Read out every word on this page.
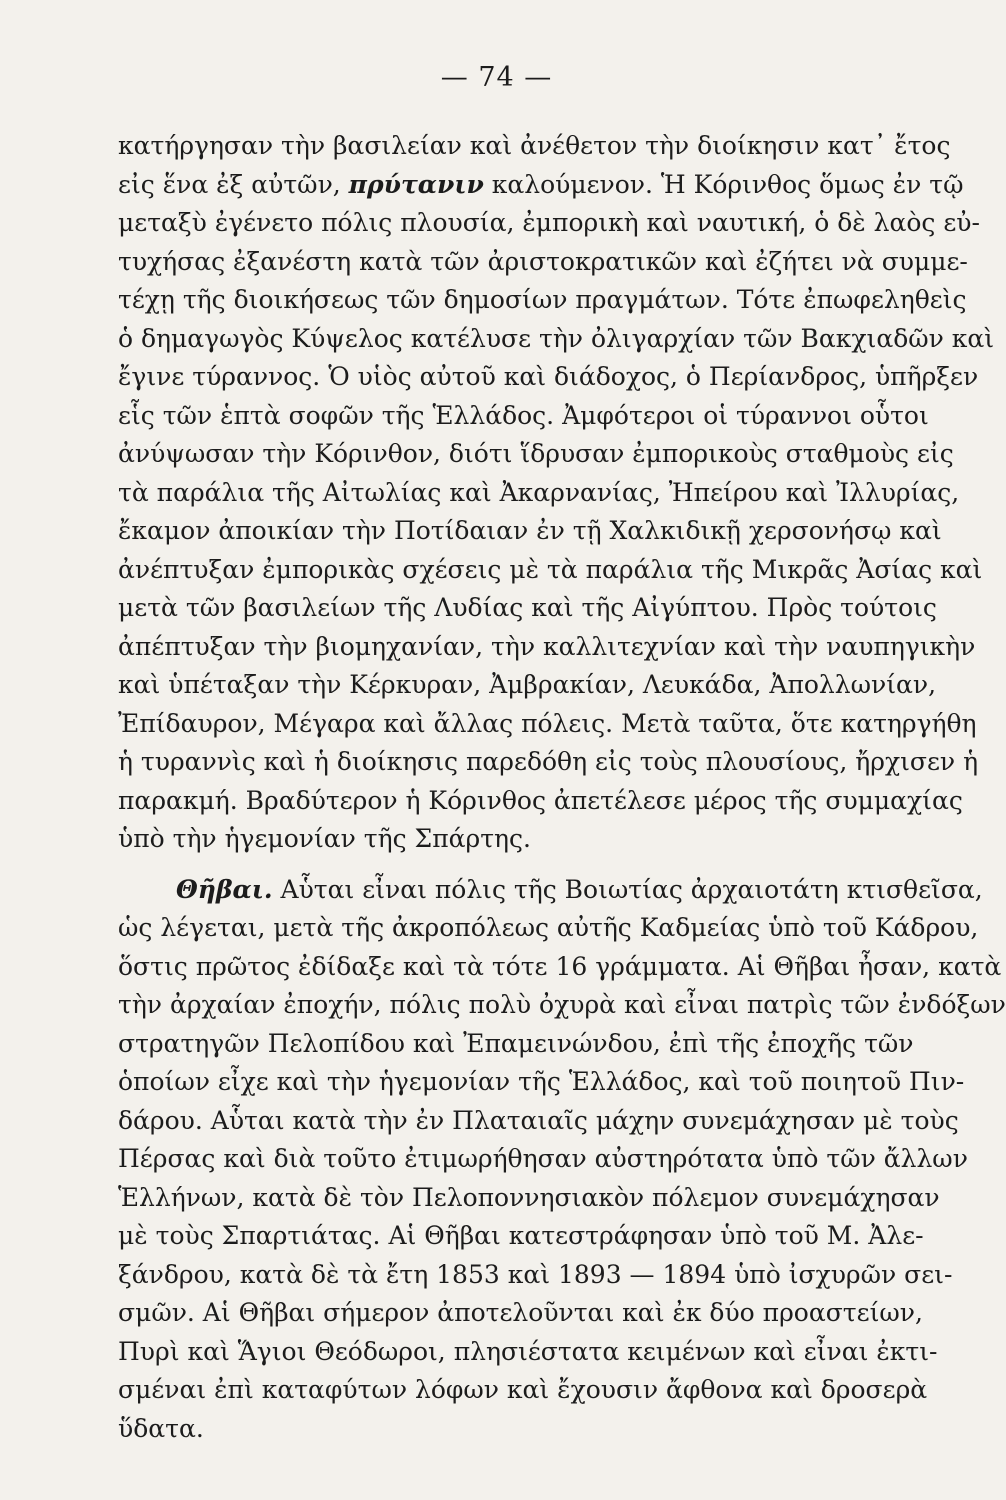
— 74 —
κατήργησαν τὴν βασιλείαν καὶ ἀνέθετον τὴν διοίκησιν κατ᾽ ἔτος
εἰς ἕνα ἐξ αὐτῶν, πρύτανιν καλούμενον. Ἡ Κόρινθος ὅμως ἐν τῷ
μεταξὺ ἐγένετο πόλις πλουσία, ἐμπορικὴ καὶ ναυτική, ὁ δὲ λαὸς εὐ-
τυχήσας ἐξανέστη κατὰ τῶν ἀριστοκρατικῶν καὶ ἐζήτει νὰ συμμε-
τέχῃ τῆς διοικήσεως τῶν δημοσίων πραγμάτων. Τότε ἐπωφεληθεὶς
ὁ δημαγωγὸς Κύψελος κατέλυσε τὴν ὀλιγαρχίαν τῶν Βακχιαδῶν καὶ
ἔγινε τύραννος. Ὁ υἱὸς αὐτοῦ καὶ διάδοχος, ὁ Περίανδρος, ὑπῆρξεν
εἷς τῶν ἑπτὰ σοφῶν τῆς Ἑλλάδος. Ἀμφότεροι οἱ τύραννοι οὗτοι
ἀνύψωσαν τὴν Κόρινθον, διότι ἵδρυσαν ἐμπορικοὺς σταθμοὺς εἰς
τὰ παράλια τῆς Αἰτωλίας καὶ Ἀκαρνανίας, Ἠπείρου καὶ Ἰλλυρίας,
ἔκαμον ἀποικίαν τὴν Ποτίδαιαν ἐν τῇ Χαλκιδικῇ χερσονήσῳ καὶ
ἀνέπτυξαν ἐμπορικὰς σχέσεις μὲ τὰ παράλια τῆς Μικρᾶς Ἀσίας καὶ
μετὰ τῶν βασιλείων τῆς Λυδίας καὶ τῆς Αἰγύπτου. Πρὸς τούτοις
ἀπέπτυξαν τὴν βιομηχανίαν, τὴν καλλιτεχνίαν καὶ τὴν ναυπηγικὴν
καὶ ὑπέταξαν τὴν Κέρκυραν, Ἀμβρακίαν, Λευκάδα, Ἀπολλωνίαν,
Ἐπίδαυρον, Μέγαρα καὶ ἄλλας πόλεις. Μετὰ ταῦτα, ὅτε κατηργήθη
ἡ τυραννὶς καὶ ἡ διοίκησις παρεδόθη εἰς τοὺς πλουσίους, ἤρχισεν ἡ
παρακμή. Βραδύτερον ἡ Κόρινθος ἀπετέλεσε μέρος τῆς συμμαχίας
ὑπὸ τὴν ἡγεμονίαν τῆς Σπάρτης.
Θῆβαι. Αὗται εἶναι πόλις τῆς Βοιωτίας ἀρχαιοτάτη κτισθεῖσα,
ὡς λέγεται, μετὰ τῆς ἀκροπόλεως αὐτῆς Καδμείας ὑπὸ τοῦ Κάδρου,
ὅστις πρῶτος ἐδίδαξε καὶ τὰ τότε 16 γράμματα. Αἱ Θῆβαι ἦσαν, κατὰ
τὴν ἀρχαίαν ἐποχήν, πόλις πολὺ ὀχυρὰ καὶ εἶναι πατρὶς τῶν ἐνδόξων
στρατηγῶν Πελοπίδου καὶ Ἐπαμεινώνδου, ἐπὶ τῆς ἐποχῆς τῶν
ὁποίων εἶχε καὶ τὴν ἡγεμονίαν τῆς Ἑλλάδος, καὶ τοῦ ποιητοῦ Πιν-
δάρου. Αὗται κατὰ τὴν ἐν Πλαταιαῖς μάχην συνεμάχησαν μὲ τοὺς
Πέρσας καὶ διὰ τοῦτο ἐτιμωρήθησαν αὐστηρότατα ὑπὸ τῶν ἄλλων
Ἑλλήνων, κατὰ δὲ τὸν Πελοποννησιακὸν πόλεμον συνεμάχησαν
μὲ τοὺς Σπαρτιάτας. Αἱ Θῆβαι κατεστράφησαν ὑπὸ τοῦ Μ. Ἀλε-
ξάνδρου, κατὰ δὲ τὰ ἔτη 1853 καὶ 1893 — 1894 ὑπὸ ἰσχυρῶν σει-
σμῶν. Αἱ Θῆβαι σήμερον ἀποτελοῦνται καὶ ἐκ δύο προαστείων,
Πυρὶ καὶ Ἅγιοι Θεόδωροι, πλησιέστατα κειμένων καὶ εἶναι ἐκτι-
σμέναι ἐπὶ καταφύτων λόφων καὶ ἔχουσιν ἄφθονα καὶ δροσερὰ
ὕδατα.
